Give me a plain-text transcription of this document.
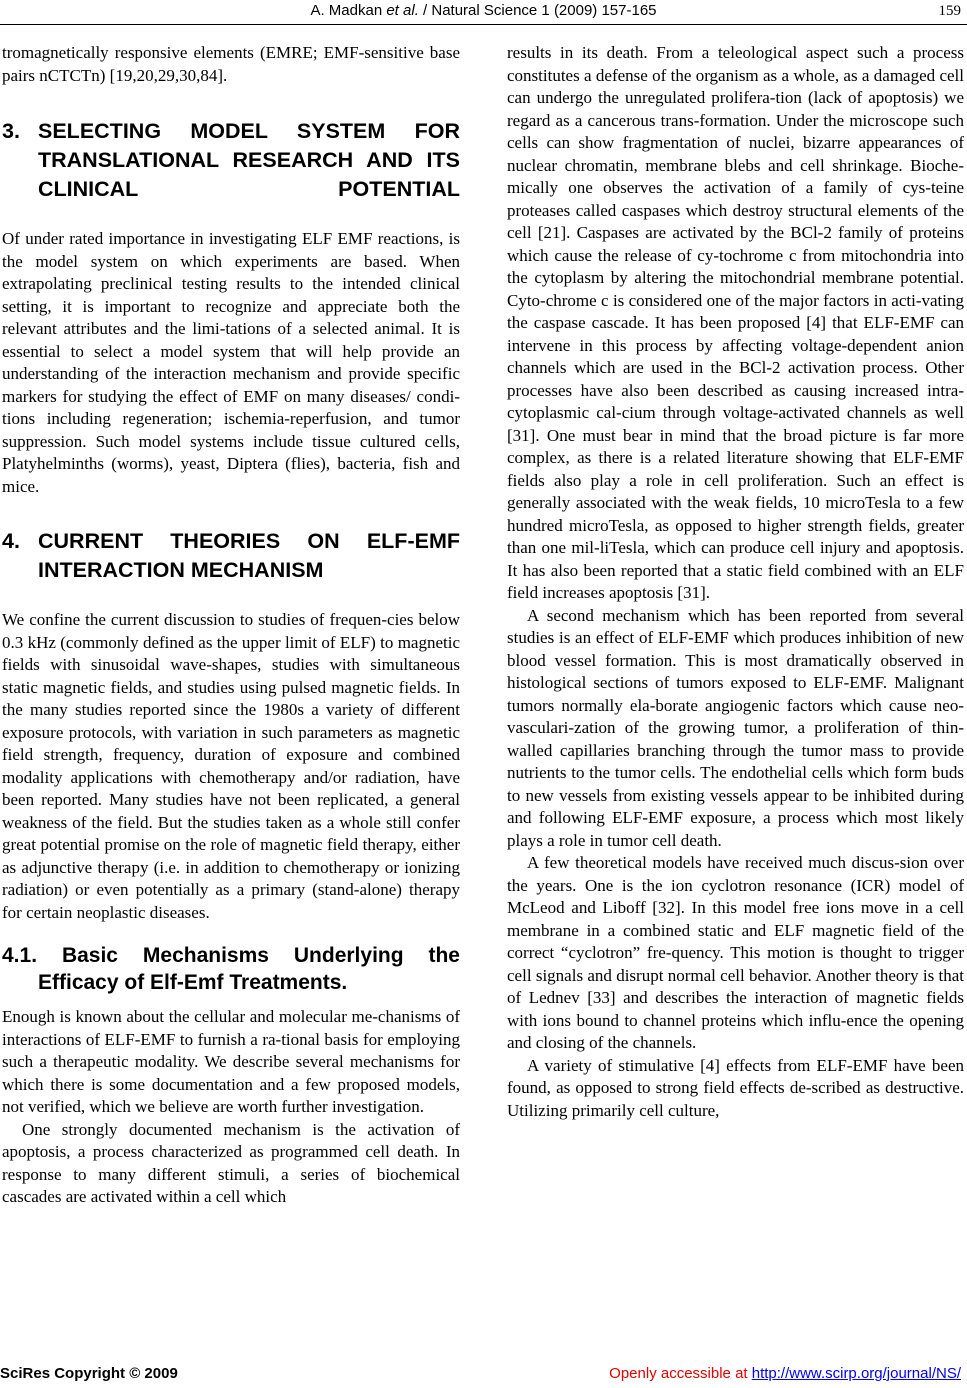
A. Madkan et al. / Natural Science 1 (2009) 157-165	159

tromagnetically responsive elements (EMRE; EMF-sensitive base pairs nCTCTn) [19,20,29,30,84].

3. SELECTING MODEL SYSTEM FOR TRANSLATIONAL RESEARCH AND ITS CLINICAL POTENTIAL

Of under rated importance in investigating ELF EMF reactions, is the model system on which experiments are based. When extrapolating preclinical testing results to the intended clinical setting, it is important to recognize and appreciate both the relevant attributes and the limi-tations of a selected animal. It is essential to select a model system that will help provide an understanding of the interaction mechanism and provide specific markers for studying the effect of EMF on many diseases/ condi-tions including regeneration; ischemia-reperfusion, and tumor suppression. Such model systems include tissue cultured cells, Platyhelminths (worms), yeast, Diptera (flies), bacteria, fish and mice.

4. CURRENT THEORIES ON ELF-EMF INTERACTION MECHANISM

We confine the current discussion to studies of frequen-cies below 0.3 kHz (commonly defined as the upper limit of ELF) to magnetic fields with sinusoidal wave-shapes, studies with simultaneous static magnetic fields, and studies using pulsed magnetic fields. In the many studies reported since the 1980s a variety of different exposure protocols, with variation in such parameters as magnetic field strength, frequency, duration of exposure and combined modality applications with chemotherapy and/or radiation, have been reported. Many studies have not been replicated, a general weakness of the field. But the studies taken as a whole still confer great potential promise on the role of magnetic field therapy, either as adjunctive therapy (i.e. in addition to chemotherapy or ionizing radiation) or even potentially as a primary (stand-alone) therapy for certain neoplastic diseases.

4.1. Basic Mechanisms Underlying the Efficacy of Elf-Emf Treatments.

Enough is known about the cellular and molecular me-chanisms of interactions of ELF-EMF to furnish a ra-tional basis for employing such a therapeutic modality. We describe several mechanisms for which there is some documentation and a few proposed models, not verified, which we believe are worth further investigation.

One strongly documented mechanism is the activation of apoptosis, a process characterized as programmed cell death. In response to many different stimuli, a series of biochemical cascades are activated within a cell which

results in its death. From a teleological aspect such a process constitutes a defense of the organism as a whole, as a damaged cell can undergo the unregulated prolifera-tion (lack of apoptosis) we regard as a cancerous trans-formation. Under the microscope such cells can show fragmentation of nuclei, bizarre appearances of nuclear chromatin, membrane blebs and cell shrinkage. Bioche-mically one observes the activation of a family of cys-teine proteases called caspases which destroy structural elements of the cell [21]. Caspases are activated by the BCl-2 family of proteins which cause the release of cy-tochrome c from mitochondria into the cytoplasm by altering the mitochondrial membrane potential. Cyto-chrome c is considered one of the major factors in acti-vating the caspase cascade. It has been proposed [4] that ELF-EMF can intervene in this process by affecting voltage-dependent anion channels which are used in the BCl-2 activation process. Other processes have also been described as causing increased intra-cytoplasmic cal-cium through voltage-activated channels as well [31]. One must bear in mind that the broad picture is far more complex, as there is a related literature showing that ELF-EMF fields also play a role in cell proliferation. Such an effect is generally associated with the weak fields, 10 microTesla to a few hundred microTesla, as opposed to higher strength fields, greater than one mil-liTesla, which can produce cell injury and apoptosis. It has also been reported that a static field combined with an ELF field increases apoptosis [31].

A second mechanism which has been reported from several studies is an effect of ELF-EMF which produces inhibition of new blood vessel formation. This is most dramatically observed in histological sections of tumors exposed to ELF-EMF. Malignant tumors normally ela-borate angiogenic factors which cause neo-vasculari-zation of the growing tumor, a proliferation of thin-walled capillaries branching through the tumor mass to provide nutrients to the tumor cells. The endothelial cells which form buds to new vessels from existing vessels appear to be inhibited during and following ELF-EMF exposure, a process which most likely plays a role in tumor cell death.

A few theoretical models have received much discus-sion over the years. One is the ion cyclotron resonance (ICR) model of McLeod and Liboff [32]. In this model free ions move in a cell membrane in a combined static and ELF magnetic field of the correct “cyclotron” fre-quency. This motion is thought to trigger cell signals and disrupt normal cell behavior. Another theory is that of Lednev [33] and describes the interaction of magnetic fields with ions bound to channel proteins which influ-ence the opening and closing of the channels.

A variety of stimulative [4] effects from ELF-EMF have been found, as opposed to strong field effects de-scribed as destructive. Utilizing primarily cell culture,

SciRes Copyright © 2009	Openly accessible at http://www.scirp.org/journal/NS/
